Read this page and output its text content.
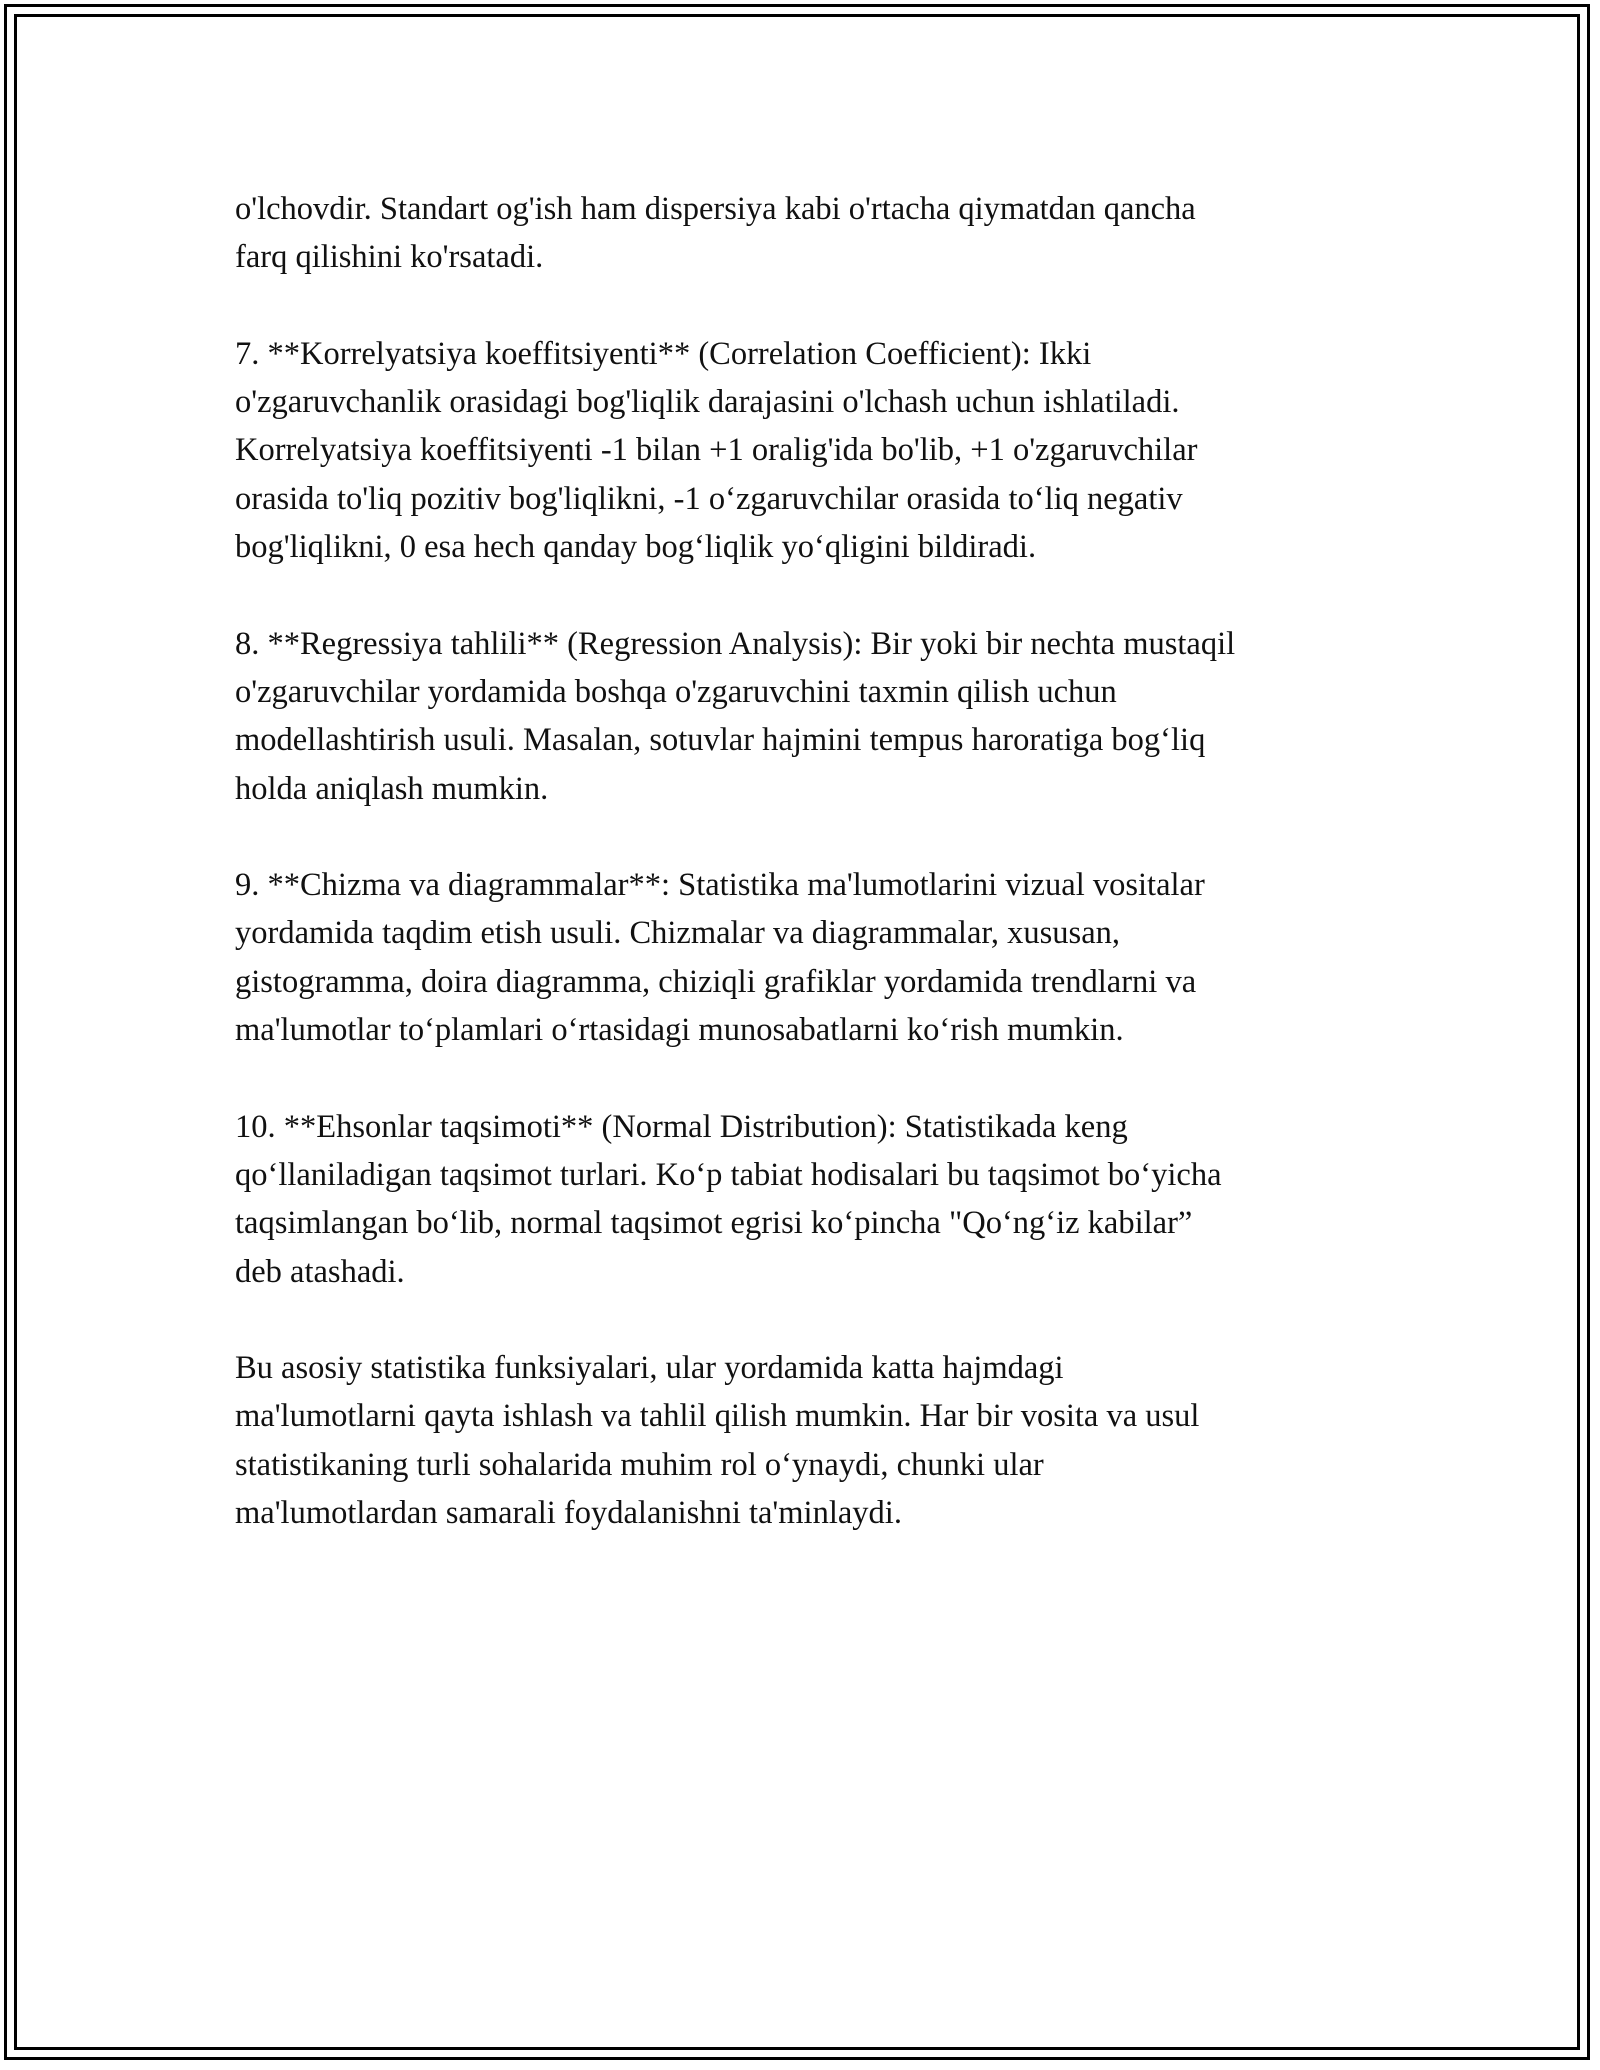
o'lchovdir. Standart og'ish ham dispersiya kabi o'rtacha qiymatdan qancha
farq qilishini ko'rsatadi.

7. **Korrelyatsiya koeffitsiyenti** (Correlation Coefficient): Ikki
o'zgaruvchanlik orasidagi bog'liqlik darajasini o'lchash uchun ishlatiladi.
Korrelyatsiya koeffitsiyenti -1 bilan +1 oralig'ida bo'lib, +1 o'zgaruvchilar
orasida to'liq pozitiv bog'liqlikni, -1 o‘zgaruvchilar orasida to‘liq negativ
bog'liqlikni, 0 esa hech qanday bog‘liqlik yo‘qligini bildiradi.

8. **Regressiya tahlili** (Regression Analysis): Bir yoki bir nechta mustaqil
o'zgaruvchilar yordamida boshqa o'zgaruvchini taxmin qilish uchun
modellashtirish usuli. Masalan, sotuvlar hajmini tempus haroratiga bog‘liq
holda aniqlash mumkin.

9. **Chizma va diagrammalar**: Statistika ma'lumotlarini vizual vositalar
yordamida taqdim etish usuli. Chizmalar va diagrammalar, xususan,
gistogramma, doira diagramma, chiziqli grafiklar yordamida trendlarni va
ma'lumotlar to‘plamlari o‘rtasidagi munosabatlarni ko‘rish mumkin.

10. **Ehsonlar taqsimoti** (Normal Distribution): Statistikada keng
qo‘llaniladigan taqsimot turlari. Ko‘p tabiat hodisalari bu taqsimot bo‘yicha
taqsimlangan bo‘lib, normal taqsimot egrisi ko‘pincha "Qo‘ng‘iz kabilar”
deb atashadi.

Bu asosiy statistika funksiyalari, ular yordamida katta hajmdagi
ma'lumotlarni qayta ishlash va tahlil qilish mumkin. Har bir vosita va usul
statistikaning turli sohalarida muhim rol o‘ynaydi, chunki ular
ma'lumotlardan samarali foydalanishni ta'minlaydi.
